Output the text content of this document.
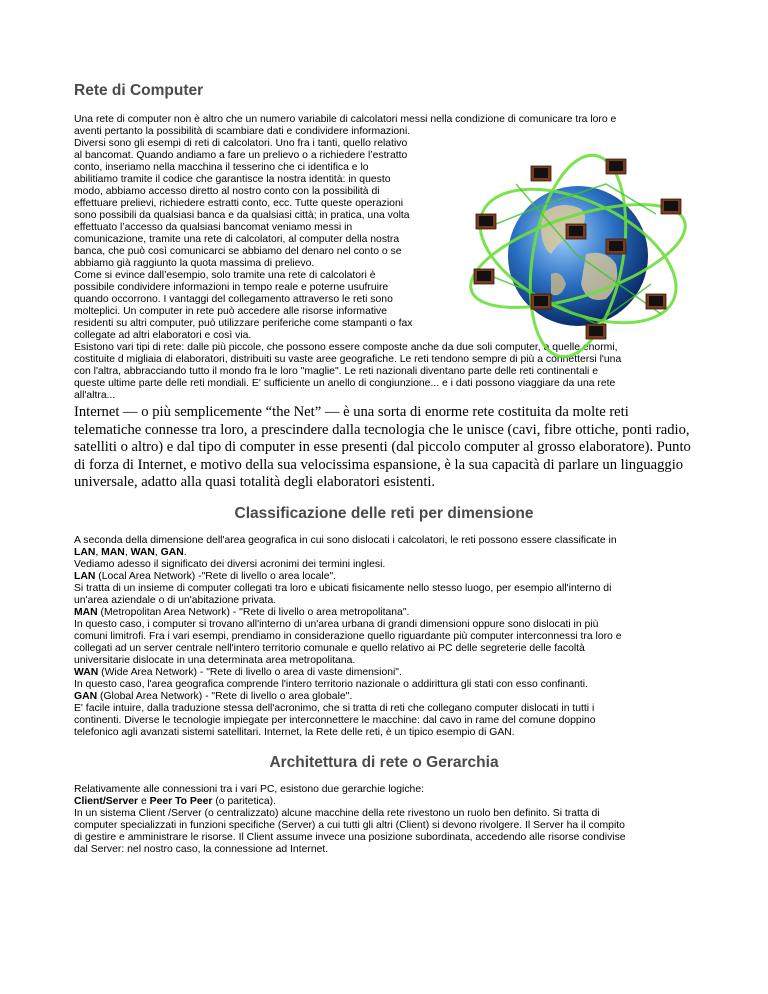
Rete di Computer
Una rete di computer non è altro che un numero variabile di calcolatori messi nella condizione di comunicare tra loro e
aventi pertanto la possibilità di scambiare dati e condividere informazioni.
Diversi sono gli esempi di reti di calcolatori. Uno fra i tanti, quello relativo
al bancomat. Quando andiamo a fare un prelievo o a richiedere l’estratto
conto, inseriamo nella macchina il tesserino che ci identifica e lo
abilitiamo tramite il codice che garantisce la nostra identità: in questo
modo, abbiamo accesso diretto al nostro conto con la possibilità di
effettuare prelievi, richiedere estratti conto, ecc. Tutte queste operazioni
sono possibili da qualsiasi banca e da qualsiasi città; in pratica, una volta
effettuato l’accesso da qualsiasi bancomat veniamo messi in
comunicazione, tramite una rete di calcolatori, al computer della nostra
banca, che può così comunicarci se abbiamo del denaro nel conto o se
abbiamo già raggiunto la quota massima di prelievo.
Come si evince dall’esempio, solo tramite una rete di calcolatori è
possibile condividere informazioni in tempo reale e poterne usufruire
quando occorrono. I vantaggi del collegamento attraverso le reti sono
molteplici. Un computer in rete può accedere alle risorse informative
residenti su altri computer, può utilizzare periferiche come stampanti o fax
collegate ad altri elaboratori e così via.
Esistono vari tipi di rete: dalle più piccole, che possono essere composte anche da due soli computer, a quelle enormi,
costituite d migliaia di elaboratori, distribuiti su vaste aree geografiche. Le reti tendono sempre di più a connettersi l'una
con l'altra, abbracciando tutto il mondo fra le loro "maglie". Le reti nazionali diventano parte delle reti continentali e
queste ultime parte delle reti mondiali. E' sufficiente un anello di congiunzione... e i dati possono viaggiare da una rete
all'altra...

Internet — o più semplicemente “the Net” — è una sorta di enorme rete costituita da molte reti telematiche connesse tra loro, a prescindere dalla tecnologia che le unisce (cavi, fibre ottiche, ponti radio, satelliti o altro) e dal tipo di computer in esse presenti (dal piccolo computer al grosso elaboratore). Punto di forza di Internet, e motivo della sua velocissima espansione, è la sua capacità di parlare un linguaggio universale, adatto alla quasi totalità degli elaboratori esistenti.

Classificazione delle reti per dimensione
A seconda della dimensione dell'area geografica in cui sono dislocati i calcolatori, le reti possono essere classificate in
LAN, MAN, WAN, GAN.
Vediamo adesso il significato dei diversi acronimi dei termini inglesi.
LAN (Local Area Network) -"Rete di livello o area locale".
Si tratta di un insieme di computer collegati tra loro e ubicati fisicamente nello stesso luogo, per esempio all'interno di
un'area aziendale o di un'abitazione privata.
MAN (Metropolitan Area Network) - "Rete di livello o area metropolitana".
In questo caso, i computer si trovano all'interno di un'area urbana di grandi dimensioni oppure sono dislocati in più
comuni limitrofi. Fra i vari esempi, prendiamo in considerazione quello riguardante più computer interconnessi tra loro e
collegati ad un server centrale nell'intero territorio comunale e quello relativo ai PC delle segreterie delle facoltà
universitarie dislocate in una determinata area metropolitana.
WAN (Wide Area Network) - "Rete di livello o area di vaste dimensioni".
In questo caso, l'area geografica comprende l'intero territorio nazionale o addirittura gli stati con esso confinanti.
GAN (Global Area Network) - "Rete di livello o area globale".
E' facile intuire, dalla traduzione stessa dell'acronimo, che si tratta di reti che collegano computer dislocati in tutti i
continenti. Diverse le tecnologie impiegate per interconnettere le macchine: dal cavo in rame del comune doppino
telefonico agli avanzati sistemi satellitari. Internet, la Rete delle reti, è un tipico esempio di GAN.
Architettura di rete o Gerarchia
Relativamente alle connessioni tra i vari PC, esistono due gerarchie logiche:
Client/Server e Peer To Peer (o paritetica).
In un sistema Client /Server (o centralizzato) alcune macchine della rete rivestono un ruolo ben definito. Si tratta di
computer specializzati in funzioni specifiche (Server) a cui tutti gli altri (Client) si devono rivolgere. Il Server ha il compito
di gestire e amministrare le risorse. Il Client assume invece una posizione subordinata, accedendo alle risorse condivise
dal Server: nel nostro caso, la connessione ad Internet.
